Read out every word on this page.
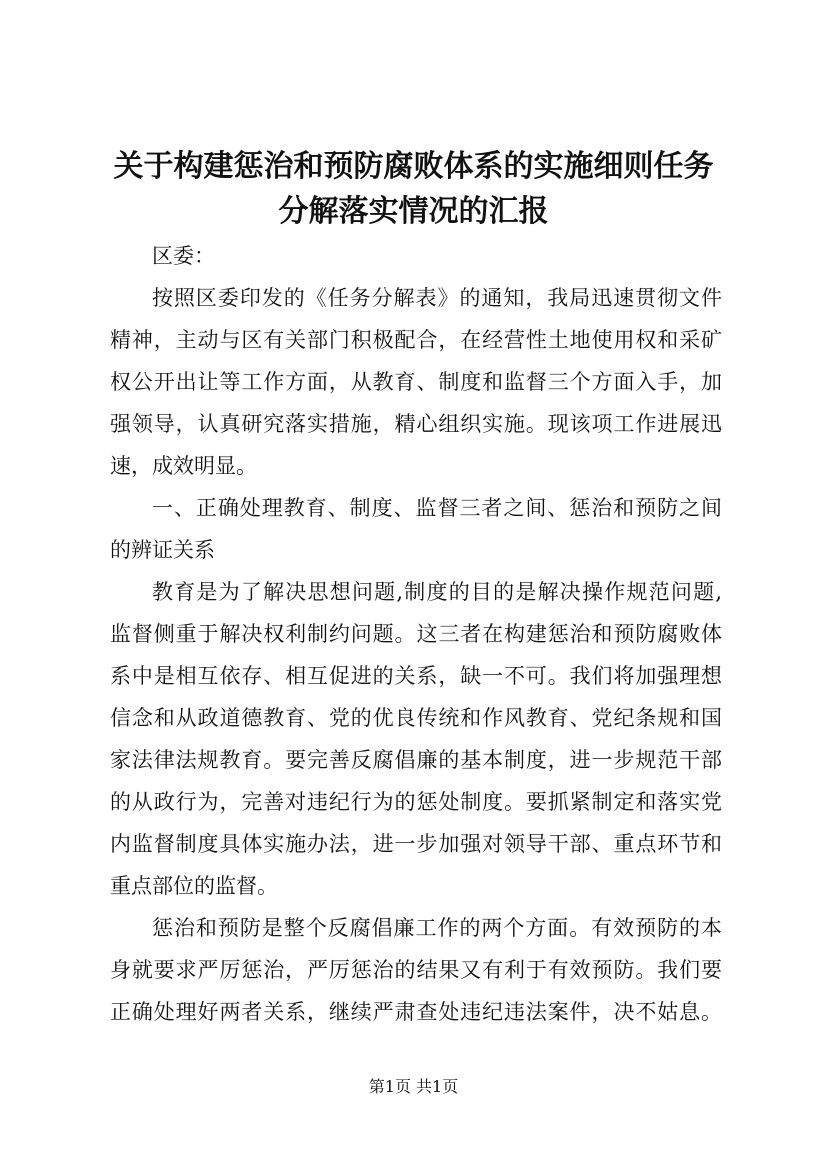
关于构建惩治和预防腐败体系的实施细则任务
分解落实情况的汇报
区委：
按照区委印发的《任务分解表》的通知，我局迅速贯彻文件
精神，主动与区有关部门积极配合，在经营性土地使用权和采矿
权公开出让等工作方面，从教育、制度和监督三个方面入手，加
强领导，认真研究落实措施，精心组织实施。现该项工作进展迅
速，成效明显。
一、正确处理教育、制度、监督三者之间、惩治和预防之间
的辨证关系
教育是为了解决思想问题,制度的目的是解决操作规范问题,
监督侧重于解决权利制约问题。这三者在构建惩治和预防腐败体
系中是相互依存、相互促进的关系，缺一不可。我们将加强理想
信念和从政道德教育、党的优良传统和作风教育、党纪条规和国
家法律法规教育。要完善反腐倡廉的基本制度，进一步规范干部
的从政行为，完善对违纪行为的惩处制度。要抓紧制定和落实党
内监督制度具体实施办法，进一步加强对领导干部、重点环节和
重点部位的监督。
惩治和预防是整个反腐倡廉工作的两个方面。有效预防的本
身就要求严厉惩治，严厉惩治的结果又有利于有效预防。我们要
正确处理好两者关系，继续严肃查处违纪违法案件，决不姑息。
第1页 共1页
